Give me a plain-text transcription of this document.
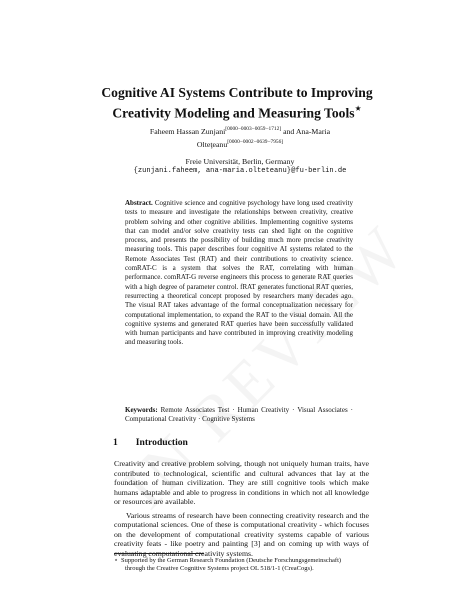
Cognitive AI Systems Contribute to Improving
Creativity Modeling and Measuring Tools⋆
Faheem Hassan Zunjani[0000−0003−0059−1712] and Ana-Maria
Olteţeanu[0000−0002−0639−7956]
Freie Universität, Berlin, Germany
{zunjani.faheem, ana-maria.olteteanu}@fu-berlin.de
Abstract. Cognitive science and cognitive psychology have long used creativity tests to measure and investigate the relationships between creativity, creative problem solving and other cognitive abilities. Implementing cognitive systems that can model and/or solve creativity tests can shed light on the cognitive process, and presents the possibility of building much more precise creativity measuring tools. This paper describes four cognitive AI systems related to the Remote Associates Test (RAT) and their contributions to creativity science. comRAT-C is a system that solves the RAT, correlating with human performance. comRAT-G reverse engineers this process to generate RAT queries with a high degree of parameter control. fRAT generates functional RAT queries, resurrecting a theoretical concept proposed by researchers many decades ago. The visual RAT takes advantage of the formal conceptualization necessary for computational implementation, to expand the RAT to the visual domain. All the cognitive systems and generated RAT queries have been successfully validated with human participants and have contributed in improving creativity modeling and measuring tools.
Keywords: Remote Associates Test · Human Creativity · Visual Associates · Computational Creativity · Cognitive Systems
1 Introduction

Creativity and creative problem solving, though not uniquely human traits, have contributed to technological, scientific and cultural advances that lay at the foundation of human civilization. They are still cognitive tools which make humans adaptable and able to progress in conditions in which not all knowledge or resources are available.

Various streams of research have been connecting creativity research and the computational sciences. One of these is computational creativity - which focuses on the development of computational creativity systems capable of various creativity feats - like poetry and painting [3] and on coming up with ways of evaluating computational creativity systems.

⋆ Supported by the German Research Foundation (Deutsche Forschungsgemeinschaft)
through the Creative Cognitive Systems project OL 518/1-1 (CreaCogs).
